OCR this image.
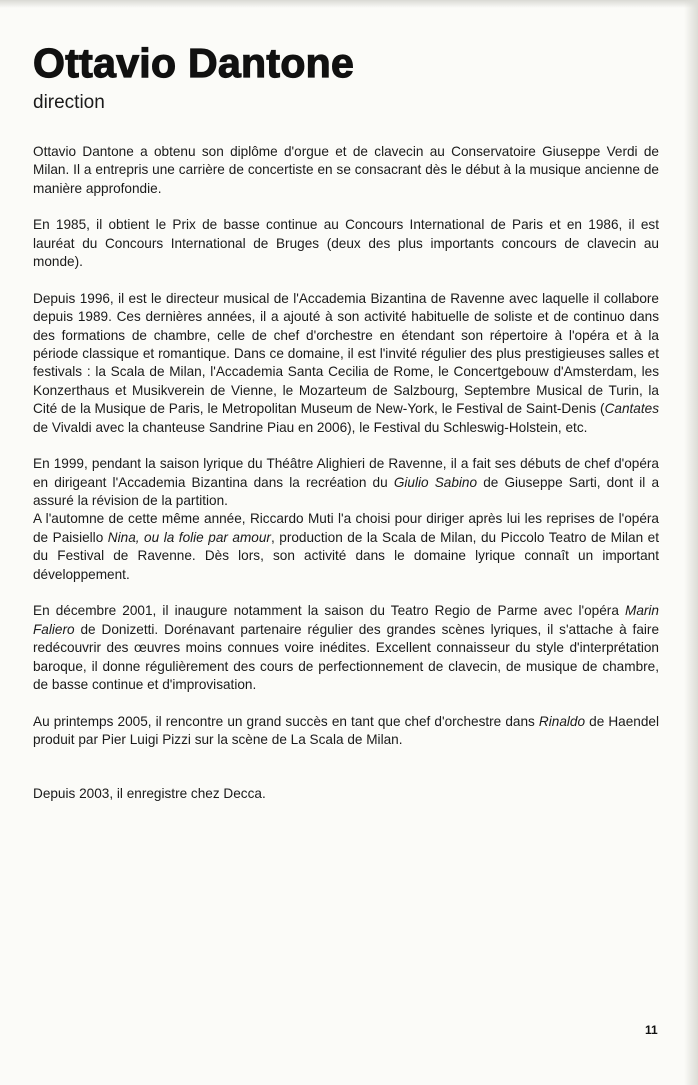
Ottavio Dantone
direction

Ottavio Dantone a obtenu son diplôme d'orgue et de clavecin au Conservatoire Giuseppe Verdi de Milan. Il a entrepris une carrière de concertiste en se consacrant dès le début à la musique ancienne de manière approfondie.

En 1985, il obtient le Prix de basse continue au Concours International de Paris et en 1986, il est lauréat du Concours International de Bruges (deux des plus importants concours de clavecin au monde).

Depuis 1996, il est le directeur musical de l'Accademia Bizantina de Ravenne avec laquelle il collabore depuis 1989. Ces dernières années, il a ajouté à son activité habituelle de soliste et de continuo dans des formations de chambre, celle de chef d'orchestre en étendant son répertoire à l'opéra et à la période classique et romantique. Dans ce domaine, il est l'invité régulier des plus prestigieuses salles et festivals : la Scala de Milan, l'Accademia Santa Cecilia de Rome, le Concertgebouw d'Amsterdam, les Konzerthaus et Musikverein de Vienne, le Mozarteum de Salzbourg, Septembre Musical de Turin, la Cité de la Musique de Paris, le Metropolitan Museum de New-York, le Festival de Saint-Denis (Cantates de Vivaldi avec la chanteuse Sandrine Piau en 2006), le Festival du Schleswig-Holstein, etc.

En 1999, pendant la saison lyrique du Théâtre Alighieri de Ravenne, il a fait ses débuts de chef d'opéra en dirigeant l'Accademia Bizantina dans la recréation du Giulio Sabino de Giuseppe Sarti, dont il a assuré la révision de la partition.

A l'automne de cette même année, Riccardo Muti l'a choisi pour diriger après lui les reprises de l'opéra de Paisiello Nina, ou la folie par amour, production de la Scala de Milan, du Piccolo Teatro de Milan et du Festival de Ravenne. Dès lors, son activité dans le domaine lyrique connaît un important développement.

En décembre 2001, il inaugure notamment la saison du Teatro Regio de Parme avec l'opéra Marin Faliero de Donizetti. Dorénavant partenaire régulier des grandes scènes lyriques, il s'attache à faire redécouvrir des œuvres moins connues voire inédites. Excellent connaisseur du style d'interprétation baroque, il donne régulièrement des cours de perfectionnement de clavecin, de musique de chambre, de basse continue et d'improvisation.

Au printemps 2005, il rencontre un grand succès en tant que chef d'orchestre dans Rinaldo de Haendel produit par Pier Luigi Pizzi sur la scène de La Scala de Milan.

Depuis 2003, il enregistre chez Decca.

11
